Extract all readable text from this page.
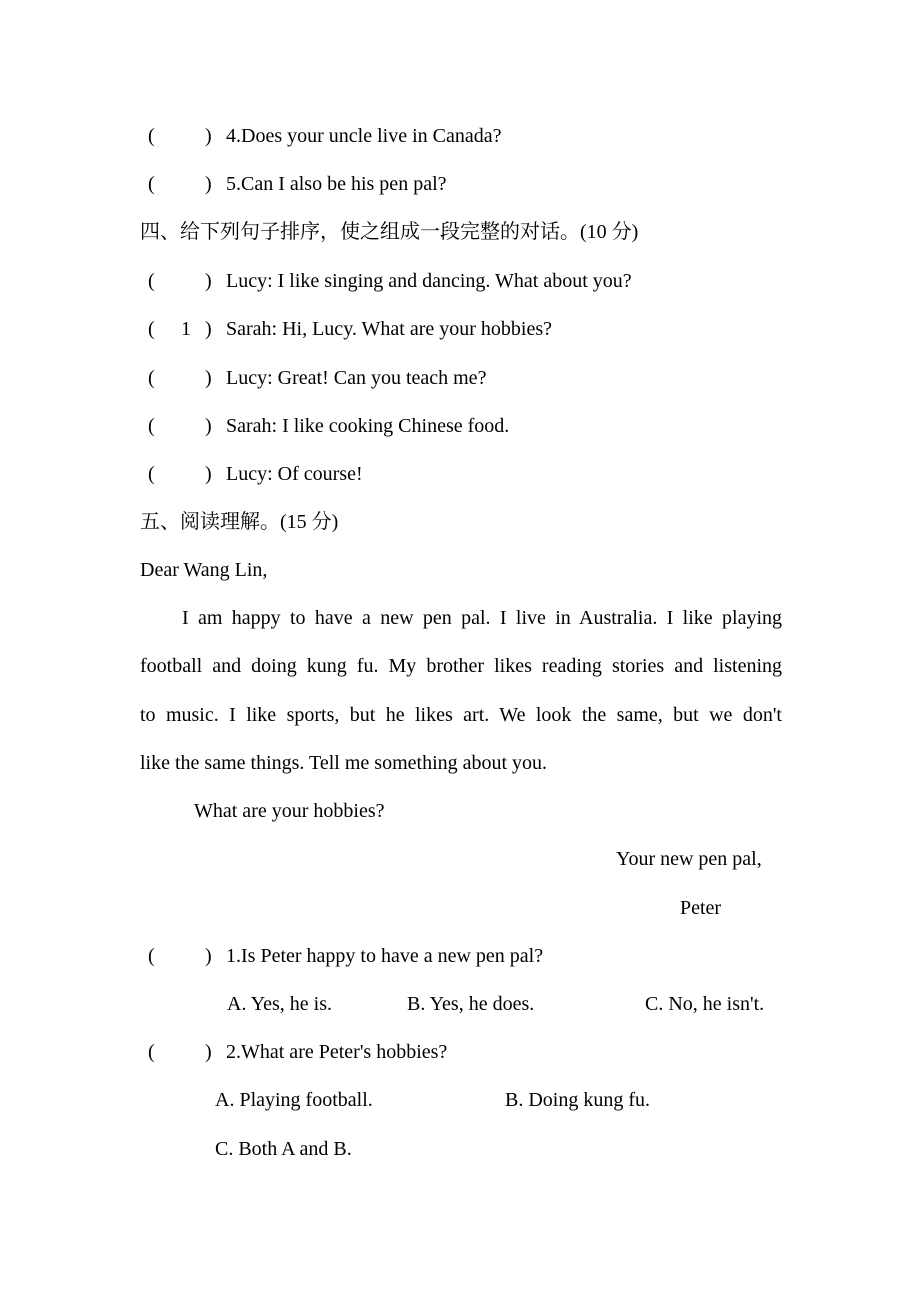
(	) 4.Does your uncle live in Canada?
(	) 5.Can I also be his pen pal?
四、给下列句子排序，使之组成一段完整的对话。(10 分)
(	) Lucy: I like singing and dancing. What about you?
( 1 ) Sarah: Hi, Lucy. What are your hobbies?
(	) Lucy: Great! Can you teach me?
(	) Sarah: I like cooking Chinese food.
(	) Lucy: Of course!
五、阅读理解。(15 分)
Dear Wang Lin,
I am happy to have a new pen pal. I live in Australia. I like playing
football and doing kung fu. My brother likes reading stories and listening
to music. I like sports, but he likes art. We look the same, but we don't
like the same things. Tell me something about you.
What are your hobbies?
Your new pen pal,
Peter
(	) 1.Is Peter happy to have a new pen pal?
A. Yes, he is.	B. Yes, he does.	C. No, he isn't.
(	) 2.What are Peter's hobbies?
A. Playing football.	B. Doing kung fu.
C. Both A and B.
